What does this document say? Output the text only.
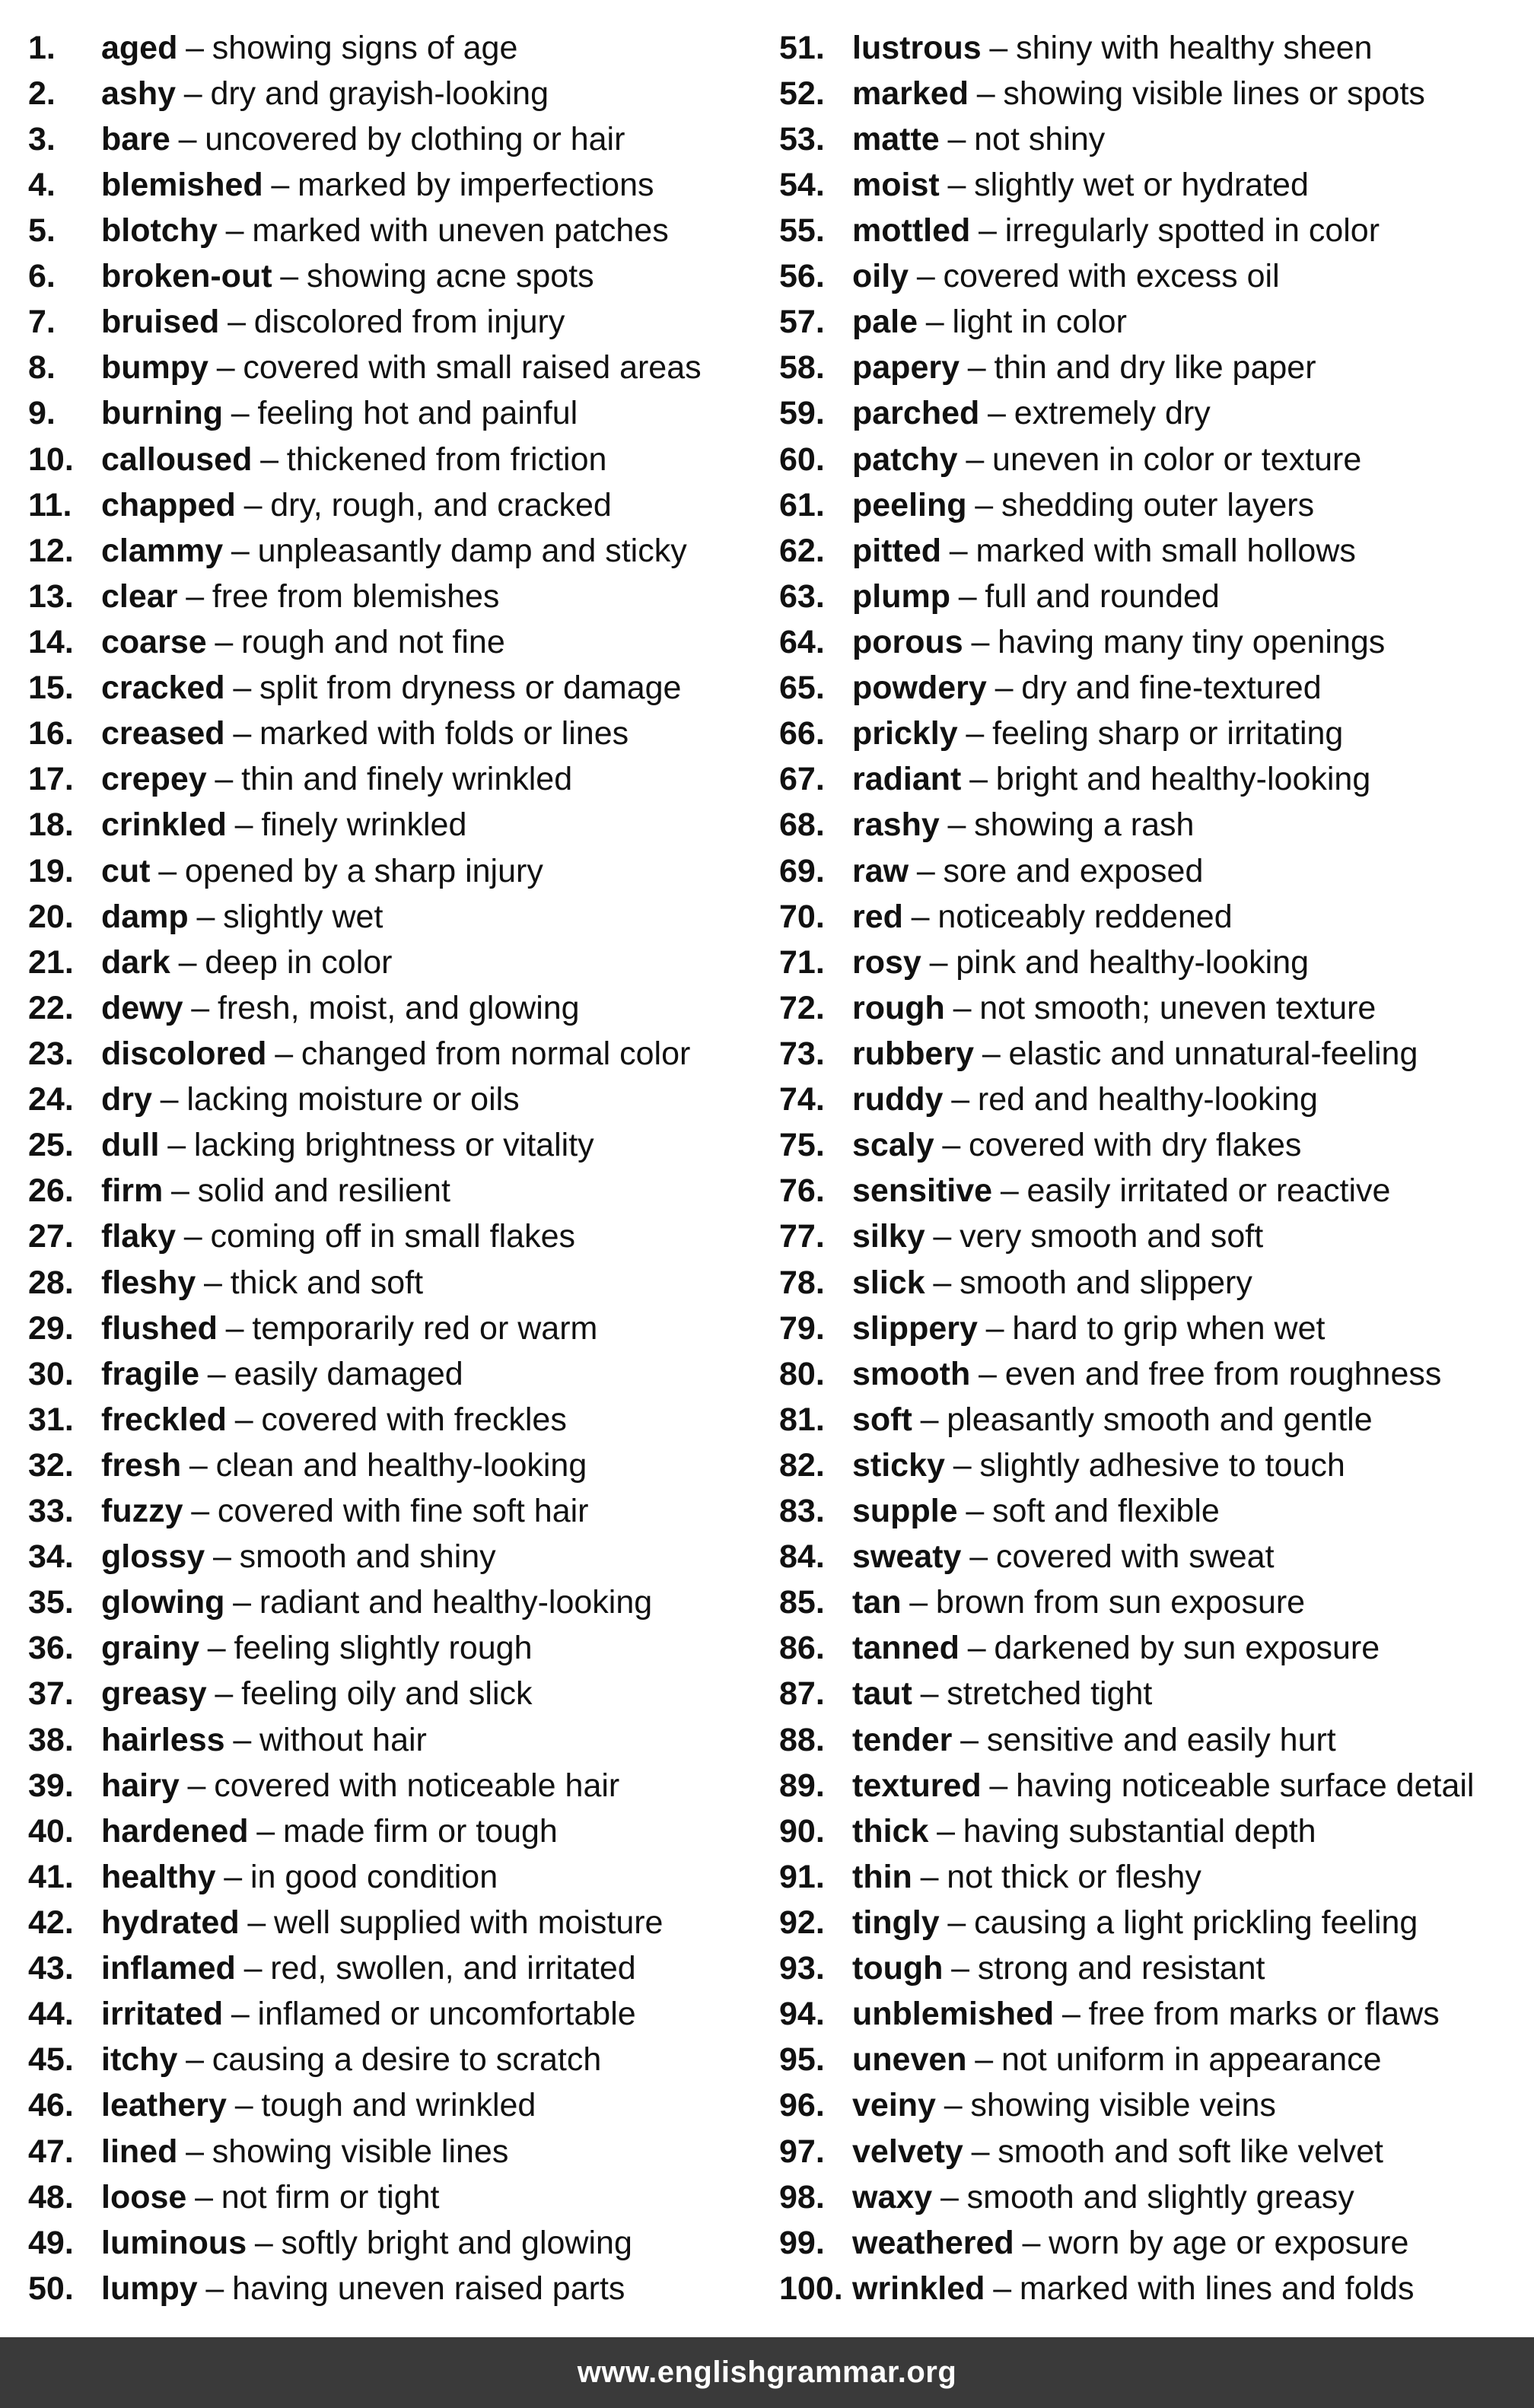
1.	aged – showing signs of age
2.	ashy – dry and grayish-looking
3.	bare – uncovered by clothing or hair
4.	blemished – marked by imperfections
5.	blotchy – marked with uneven patches
6.	broken-out – showing acne spots
7.	bruised – discolored from injury
8.	bumpy – covered with small raised areas
9.	burning – feeling hot and painful
10. calloused – thickened from friction
11. chapped – dry, rough, and cracked
12. clammy – unpleasantly damp and sticky
13. clear – free from blemishes
14. coarse – rough and not fine
15. cracked – split from dryness or damage
16. creased – marked with folds or lines
17. crepey – thin and finely wrinkled
18. crinkled – finely wrinkled
19. cut – opened by a sharp injury
20. damp – slightly wet
21. dark – deep in color
22. dewy – fresh, moist, and glowing
23. discolored – changed from normal color
24. dry – lacking moisture or oils
25. dull – lacking brightness or vitality
26. firm – solid and resilient
27. flaky – coming off in small flakes
28. fleshy – thick and soft
29. flushed – temporarily red or warm
30. fragile – easily damaged
31. freckled – covered with freckles
32. fresh – clean and healthy-looking
33. fuzzy – covered with fine soft hair
34. glossy – smooth and shiny
35. glowing – radiant and healthy-looking
36. grainy – feeling slightly rough
37. greasy – feeling oily and slick
38. hairless – without hair
39. hairy – covered with noticeable hair
40. hardened – made firm or tough
41. healthy – in good condition
42. hydrated – well supplied with moisture
43. inflamed – red, swollen, and irritated
44. irritated – inflamed or uncomfortable
45. itchy – causing a desire to scratch
46. leathery – tough and wrinkled
47. lined – showing visible lines
48. loose – not firm or tight
49. luminous – softly bright and glowing
50. lumpy – having uneven raised parts
51. lustrous – shiny with healthy sheen
52. marked – showing visible lines or spots
53. matte – not shiny
54. moist – slightly wet or hydrated
55. mottled – irregularly spotted in color
56. oily – covered with excess oil
57. pale – light in color
58. papery – thin and dry like paper
59. parched – extremely dry
60. patchy – uneven in color or texture
61. peeling – shedding outer layers
62. pitted – marked with small hollows
63. plump – full and rounded
64. porous – having many tiny openings
65. powdery – dry and fine-textured
66. prickly – feeling sharp or irritating
67. radiant – bright and healthy-looking
68. rashy – showing a rash
69. raw – sore and exposed
70. red – noticeably reddened
71. rosy – pink and healthy-looking
72. rough – not smooth; uneven texture
73. rubbery – elastic and unnatural-feeling
74. ruddy – red and healthy-looking
75. scaly – covered with dry flakes
76. sensitive – easily irritated or reactive
77. silky – very smooth and soft
78. slick – smooth and slippery
79. slippery – hard to grip when wet
80. smooth – even and free from roughness
81. soft – pleasantly smooth and gentle
82. sticky – slightly adhesive to touch
83. supple – soft and flexible
84. sweaty – covered with sweat
85. tan – brown from sun exposure
86. tanned – darkened by sun exposure
87. taut – stretched tight
88. tender – sensitive and easily hurt
89. textured – having noticeable surface detail
90. thick – having substantial depth
91. thin – not thick or fleshy
92. tingly – causing a light prickling feeling
93. tough – strong and resistant
94. unblemished – free from marks or flaws
95. uneven – not uniform in appearance
96. veiny – showing visible veins
97. velvety – smooth and soft like velvet
98. waxy – smooth and slightly greasy
99. weathered – worn by age or exposure
100. wrinkled – marked with lines and folds
www.englishgrammar.org
